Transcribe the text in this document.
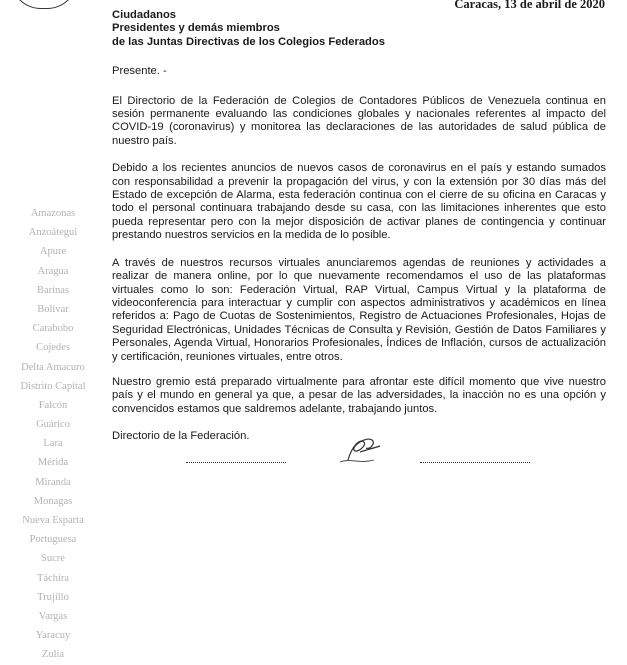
Caracas, 13 de abril de 2020
Amazonas
Anzoátegui
Apure
Aragua
Barinas
Bolívar
Carabobo
Cojedes
Delta Amacuro
Distrito Capital
Falcón
Guárico
Lara
Mérida
Miranda
Monagas
Nueva Esparta
Portuguesa
Sucre
Táchira
Trujillo
Vargas
Yaracuy
Zulia

Ciudadanos

Presidentes y demás miembros

de las Juntas Directivas de los Colegios Federados

Presente. -

El Directorio de la Federación de Colegios de Contadores Públicos de Venezuela continua en sesión permanente evaluando las condiciones globales y nacionales referentes al impacto del COVID-19 (coronavirus) y monitorea las declaraciones de las autoridades de salud pública de nuestro país.

Debido a los recientes anuncios de nuevos casos de coronavirus en el país y estando sumados con responsabilidad a prevenir la propagación del virus, y con la extensión por 30 días más del Estado de excepción de Alarma, esta federación continua con el cierre de su oficina en Caracas y todo el personal continuara trabajando desde su casa, con las limitaciones inherentes que esto pueda representar pero con la mejor disposición de activar planes de contingencia y continuar prestando nuestros servicios en la medida de lo posible.

A través de nuestros recursos virtuales anunciaremos agendas de reuniones y actividades a realizar de manera online, por lo que nuevamente recomendamos el uso de las plataformas virtuales como lo son: Federación Virtual, RAP Virtual, Campus Virtual y la plataforma de videoconferencia para interactuar y cumplir con aspectos administrativos y académicos en línea referidos a: Pago de Cuotas de Sostenimientos, Registro de Actuaciones Profesionales, Hojas de Seguridad Electrónicas, Unidades Técnicas de Consulta y Revisión, Gestión de Datos Familiares y Personales, Agenda Virtual, Honorarios Profesionales, Índices de Inflación, cursos de actualización y certificación, reuniones virtuales, entre otros.

Nuestro gremio está preparado virtualmente para afrontar este difícil momento que vive nuestro país y el mundo en general ya que, a pesar de las adversidades, la inacción no es una opción y convencidos estamos que saldremos adelante, trabajando juntos.

Directorio de la Federación.
